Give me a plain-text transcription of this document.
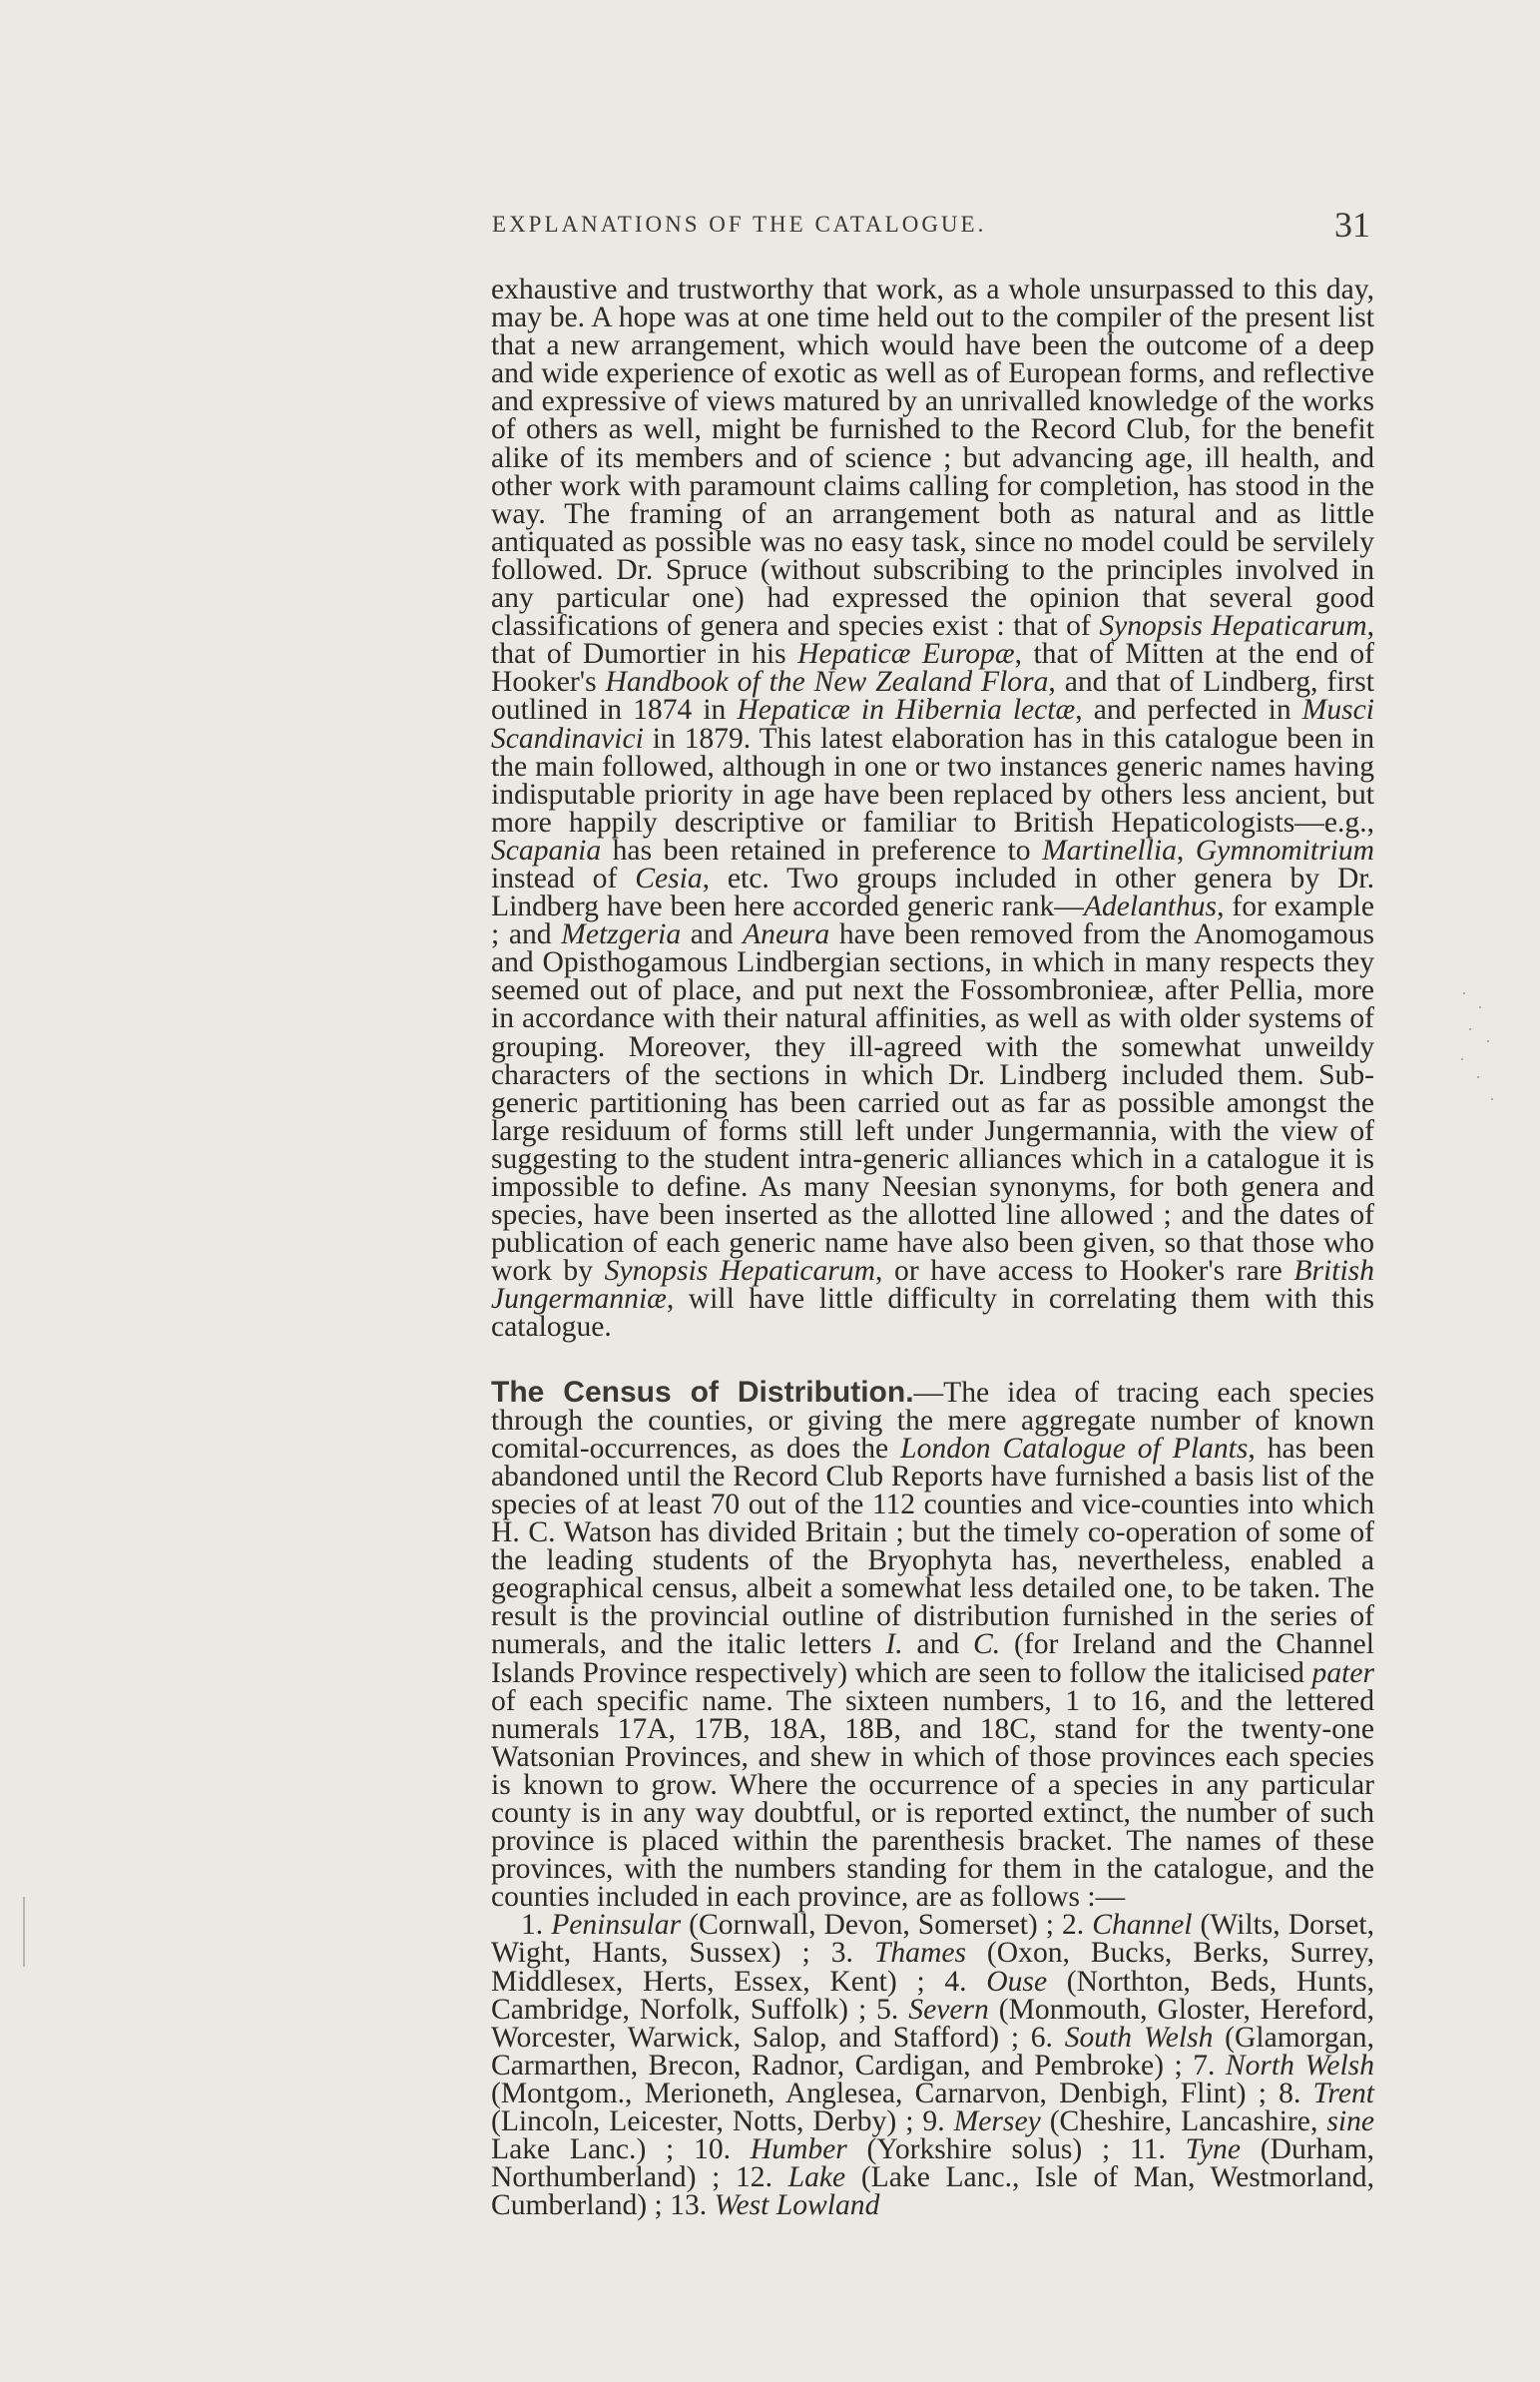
EXPLANATIONS OF THE CATALOGUE.	31

exhaustive and trustworthy that work, as a whole unsurpassed to this day, may be. A hope was at one time held out to the compiler of the present list that a new arrangement, which would have been the outcome of a deep and wide experience of exotic as well as of European forms, and reflective and expressive of views matured by an unrivalled knowledge of the works of others as well, might be furnished to the Record Club, for the benefit alike of its members and of science ; but advancing age, ill health, and other work with paramount claims calling for completion, has stood in the way. The framing of an arrangement both as natural and as little antiquated as possible was no easy task, since no model could be servilely followed. Dr. Spruce (without subscribing to the principles involved in any particular one) had expressed the opinion that several good classifications of genera and species exist : that of Synopsis Hepaticarum, that of Dumortier in his Hepaticæ Europæ, that of Mitten at the end of Hooker's Handbook of the New Zealand Flora, and that of Lindberg, first outlined in 1874 in Hepaticæ in Hibernia lectæ, and perfected in Musci Scandinavici in 1879. This latest elaboration has in this catalogue been in the main followed, although in one or two instances generic names having indisputable priority in age have been replaced by others less ancient, but more happily descriptive or familiar to British Hepaticologists—e.g., Scapania has been retained in preference to Martinellia, Gymnomitrium instead of Cesia, etc. Two groups included in other genera by Dr. Lindberg have been here accorded generic rank—Adelanthus, for example ; and Metzgeria and Aneura have been removed from the Anomogamous and Opisthogamous Lindbergian sections, in which in many respects they seemed out of place, and put next the Fossombronieæ, after Pellia, more in accordance with their natural affinities, as well as with older systems of grouping. Moreover, they ill-agreed with the somewhat unweildy characters of the sections in which Dr. Lindberg included them. Sub-generic partitioning has been carried out as far as possible amongst the large residuum of forms still left under Jungermannia, with the view of suggesting to the student intra-generic alliances which in a catalogue it is impossible to define. As many Neesian synonyms, for both genera and species, have been inserted as the allotted line allowed ; and the dates of publication of each generic name have also been given, so that those who work by Synopsis Hepaticarum, or have access to Hooker's rare British Jungermanniæ, will have little difficulty in correlating them with this catalogue.

The Census of Distribution.—The idea of tracing each species through the counties, or giving the mere aggregate number of known comital-occurrences, as does the London Catalogue of Plants, has been abandoned until the Record Club Reports have furnished a basis list of the species of at least 70 out of the 112 counties and vice-counties into which H. C. Watson has divided Britain ; but the timely co-operation of some of the leading students of the Bryophyta has, nevertheless, enabled a geographical census, albeit a somewhat less detailed one, to be taken. The result is the provincial outline of distribution furnished in the series of numerals, and the italic letters I. and C. (for Ireland and the Channel Islands Province respectively) which are seen to follow the italicised pater of each specific name. The sixteen numbers, 1 to 16, and the lettered numerals 17A, 17B, 18A, 18B, and 18C, stand for the twenty-one Watsonian Provinces, and shew in which of those provinces each species is known to grow. Where the occurrence of a species in any particular county is in any way doubtful, or is reported extinct, the number of such province is placed within the parenthesis bracket. The names of these provinces, with the numbers standing for them in the catalogue, and the counties included in each province, are as follows :—

1. Peninsular (Cornwall, Devon, Somerset) ; 2. Channel (Wilts, Dorset, Wight, Hants, Sussex) ; 3. Thames (Oxon, Bucks, Berks, Surrey, Middlesex, Herts, Essex, Kent) ; 4. Ouse (Northton, Beds, Hunts, Cambridge, Norfolk, Suffolk) ; 5. Severn (Monmouth, Gloster, Hereford, Worcester, Warwick, Salop, and Stafford) ; 6. South Welsh (Glamorgan, Carmarthen, Brecon, Radnor, Cardigan, and Pembroke) ; 7. North Welsh (Montgom., Merioneth, Anglesea, Carnarvon, Denbigh, Flint) ; 8. Trent (Lincoln, Leicester, Notts, Derby) ; 9. Mersey (Cheshire, Lancashire, sine Lake Lanc.) ; 10. Humber (Yorkshire solus) ; 11. Tyne (Durham, Northumberland) ; 12. Lake (Lake Lanc., Isle of Man, Westmorland, Cumberland) ; 13. West Lowland
